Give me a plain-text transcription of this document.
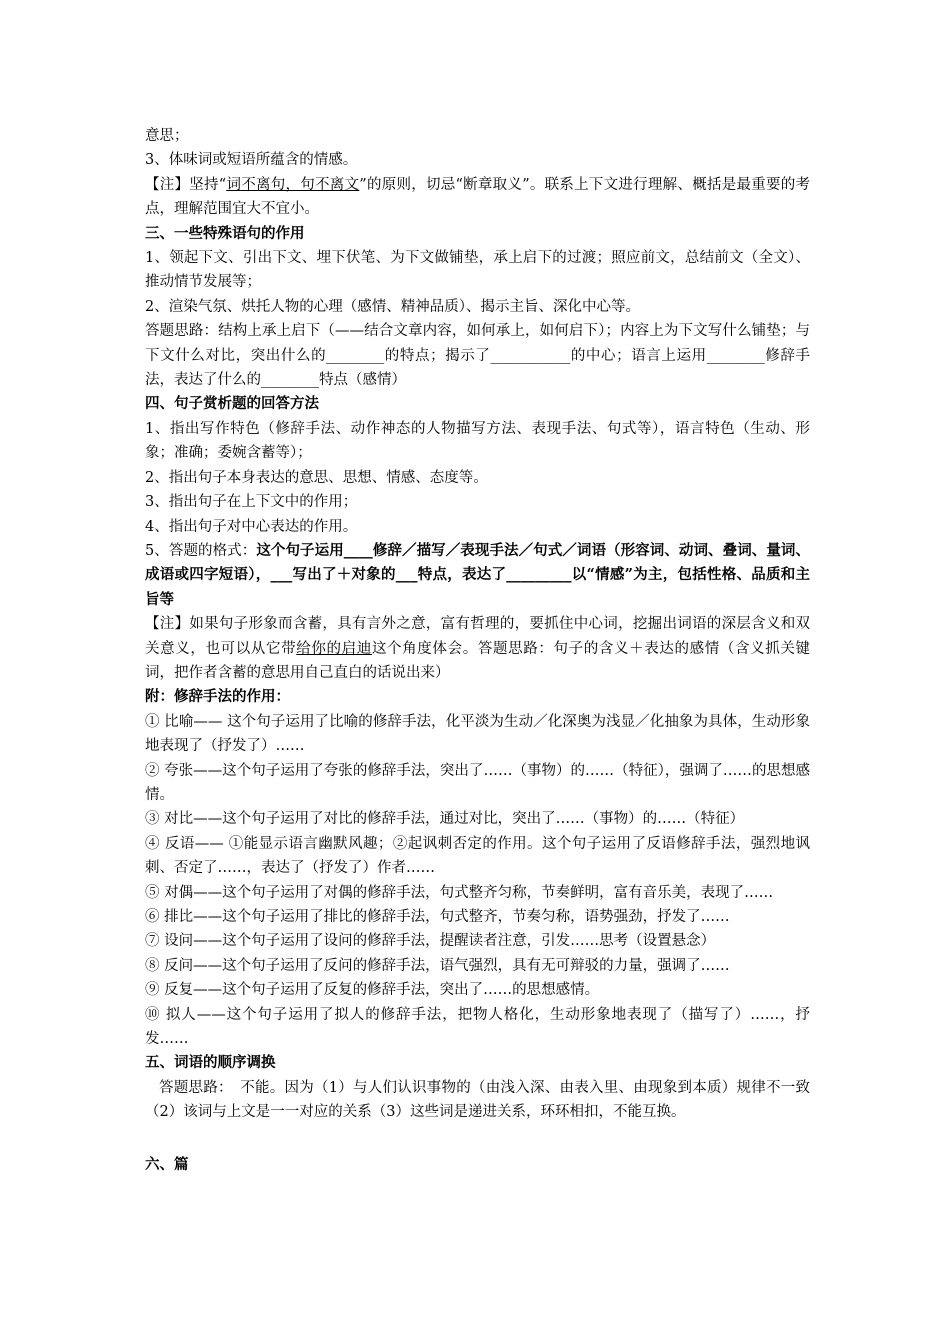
意思；

3、体味词或短语所蕴含的情感。

【注】坚持“词不离句，句不离文”的原则，切忌“断章取义”。联系上下文进行理解、概括是最重要的考点，理解范围宜大不宜小。

三、一些特殊语句的作用

1、领起下文、引出下文、埋下伏笔、为下文做铺垫，承上启下的过渡；照应前文，总结前文（全文）、推动情节发展等；

2、渲染气氛、烘托人物的心理（感情、精神品质）、揭示主旨、深化中心等。

答题思路：结构上承上启下（——结合文章内容，如何承上，如何启下）；内容上为下文写什么铺垫；与下文什么对比，突出什么的________的特点；揭示了___________的中心；语言上运用________修辞手法，表达了什么的________特点（感情）

四、句子赏析题的回答方法

1、指出写作特色（修辞手法、动作神态的人物描写方法、表现手法、句式等），语言特色（生动、形象；准确；委婉含蓄等）；

2、指出句子本身表达的意思、思想、情感、态度等。

3、指出句子在上下文中的作用；

4、指出句子对中心表达的作用。

5、答题的格式：这个句子运用____修辞／描写／表现手法／句式／词语（形容词、动词、叠词、量词、成语或四字短语），___写出了＋对象的___特点，表达了_________以“情感”为主，包括性格、品质和主旨等

【注】如果句子形象而含蓄，具有言外之意，富有哲理的，要抓住中心词，挖掘出词语的深层含义和双关意义，也可以从它带给你的启迪这个角度体会。答题思路：句子的含义＋表达的感情（含义抓关键词，把作者含蓄的意思用自己直白的话说出来）

附：修辞手法的作用：

① 比喻—— 这个句子运用了比喻的修辞手法，化平淡为生动／化深奥为浅显／化抽象为具体，生动形象地表现了（抒发了）……

② 夸张——这个句子运用了夸张的修辞手法，突出了……（事物）的……（特征），强调了……的思想感情。

③ 对比——这个句子运用了对比的修辞手法，通过对比，突出了……（事物）的……（特征）

④ 反语—— ①能显示语言幽默风趣；②起讽刺否定的作用。这个句子运用了反语修辞手法，强烈地讽刺、否定了……，表达了（抒发了）作者……

⑤ 对偶——这个句子运用了对偶的修辞手法，句式整齐匀称，节奏鲜明，富有音乐美，表现了……

⑥ 排比——这个句子运用了排比的修辞手法，句式整齐，节奏匀称，语势强劲，抒发了……

⑦ 设问——这个句子运用了设问的修辞手法，提醒读者注意，引发……思考（设置悬念）

⑧ 反问——这个句子运用了反问的修辞手法，语气强烈，具有无可辩驳的力量，强调了……

⑨ 反复——这个句子运用了反复的修辞手法，突出了……的思想感情。

⑩ 拟人——这个句子运用了拟人的修辞手法，把物人格化，生动形象地表现了（描写了）……，抒发……

五、词语的顺序调换

答题思路：　不能。因为（1）与人们认识事物的（由浅入深、由表入里、由现象到本质）规律不一致（2）该词与上文是一一对应的关系（3）这些词是递进关系，环环相扣，不能互换。

六、篇
